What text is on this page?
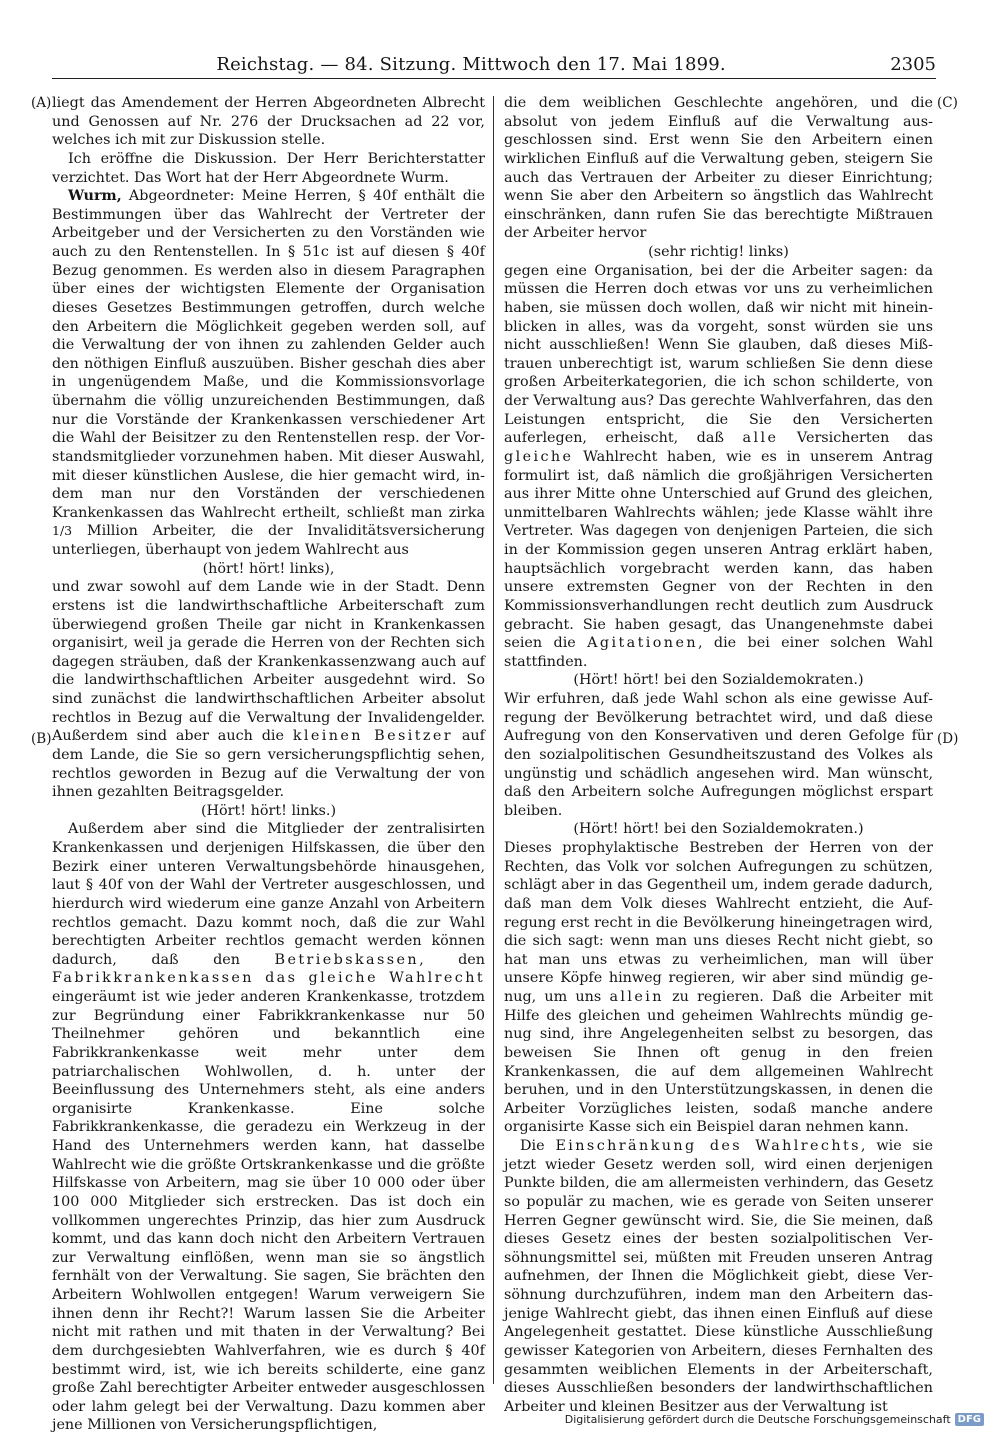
Reichstag. — 84. Sitzung. Mittwoch den 17. Mai 1899.	2305
(A)
(B)
(C)
(D)

liegt das Amendement der Herren Abgeordneten Albrecht und Genossen auf Nr. 276 der Drucksachen ad 22 vor, welches ich mit zur Diskussion stelle.

Ich eröffne die Diskussion. Der Herr Berichterstatter verzichtet. Das Wort hat der Herr Abgeordnete Wurm.

Wurm, Abgeordneter: Meine Herren, § 40f enthält die Bestimmungen über das Wahlrecht der Vertreter der Arbeitgeber und der Versicherten zu den Vorständen wie auch zu den Rentenstellen. In § 51c ist auf diesen § 40f Bezug genommen. Es werden also in diesem Paragraphen über eines der wichtigsten Elemente der Organisation dieses Gesetzes Bestimmungen getroffen, durch welche den Arbeitern die Möglichkeit gegeben werden soll, auf die Verwaltung der von ihnen zu zahlenden Gelder auch den nöthigen Einfluß auszuüben. Bisher geschah dies aber in ungenügendem Maße, und die Kommissionsvorlage übernahm die völlig unzureichenden Bestimmungen, daß nur die Vorstände der Krankenkassen verschiedener Art die Wahl der Beisitzer zu den Rentenstellen resp. der Vorstandsmitglieder vorzunehmen haben. Mit dieser Auswahl, mit dieser künstlichen Auslese, die hier gemacht wird, indem man nur den Vorständen der verschiedenen Krankenkassen das Wahlrecht ertheilt, schließt man zirka 1/3 Million Arbeiter, die der Invaliditätsversicherung unterliegen, überhaupt von jedem Wahlrecht aus

(hört! hört! links),

und zwar sowohl auf dem Lande wie in der Stadt. Denn erstens ist die landwirthschaftliche Arbeiterschaft zum überwiegend großen Theile gar nicht in Krankenkassen organisirt, weil ja gerade die Herren von der Rechten sich dagegen sträuben, daß der Krankenkassenzwang auch auf die landwirthschaftlichen Arbeiter ausgedehnt wird. So sind zunächst die landwirthschaftlichen Arbeiter absolut rechtlos in Bezug auf die Verwaltung der Invalidengelder. Außerdem sind aber auch die kleinen Besitzer auf dem Lande, die Sie so gern versicherungspflichtig sehen, rechtlos geworden in Bezug auf die Verwaltung der von ihnen gezahlten Beitragsgelder.

(Hört! hört! links.)

Außerdem aber sind die Mitglieder der zentralisirten Krankenkassen und derjenigen Hilfskassen, die über den Bezirk einer unteren Verwaltungsbehörde hinausgehen, laut § 40f von der Wahl der Vertreter ausgeschlossen, und hierdurch wird wiederum eine ganze Anzahl von Arbeitern rechtlos gemacht. Dazu kommt noch, daß die zur Wahl berechtigten Arbeiter rechtlos gemacht werden können dadurch, daß den Betriebskassen, den Fabrikkrankenkassen das gleiche Wahlrecht eingeräumt ist wie jeder anderen Krankenkasse, trotzdem zur Begründung einer Fabrikkrankenkasse nur 50 Theilnehmer gehören und bekanntlich eine Fabrikkrankenkasse weit mehr unter dem patriarchalischen Wohlwollen, d. h. unter der Beeinflussung des Unternehmers steht, als eine anders organisirte Krankenkasse. Eine solche Fabrikkrankenkasse, die geradezu ein Werkzeug in der Hand des Unternehmers werden kann, hat dasselbe Wahlrecht wie die größte Ortskrankenkasse und die größte Hilfskasse von Arbeitern, mag sie über 10 000 oder über 100 000 Mitglieder sich erstrecken. Das ist doch ein vollkommen ungerechtes Prinzip, das hier zum Ausdruck kommt, und das kann doch nicht den Arbeitern Vertrauen zur Verwaltung einflößen, wenn man sie so ängstlich fernhält von der Verwaltung. Sie sagen, Sie brächten den Arbeitern Wohlwollen entgegen! Warum verweigern Sie ihnen denn ihr Recht?! Warum lassen Sie die Arbeiter nicht mit rathen und mit thaten in der Verwaltung? Bei dem durchgesiebten Wahlverfahren, wie es durch § 40f bestimmt wird, ist, wie ich bereits schilderte, eine ganz große Zahl berechtigter Arbeiter entweder ausgeschlossen oder lahm gelegt bei der Verwaltung. Dazu kommen aber jene Millionen von Versicherungspflichtigen,

die dem weiblichen Geschlechte angehören, und die absolut von jedem Einfluß auf die Verwaltung ausgeschlossen sind. Erst wenn Sie den Arbeitern einen wirklichen Einfluß auf die Verwaltung geben, steigern Sie auch das Vertrauen der Arbeiter zu dieser Einrichtung; wenn Sie aber den Arbeitern so ängstlich das Wahlrecht einschränken, dann rufen Sie das berechtigte Mißtrauen der Arbeiter hervor

(sehr richtig! links)

gegen eine Organisation, bei der die Arbeiter sagen: da müssen die Herren doch etwas vor uns zu verheimlichen haben, sie müssen doch wollen, daß wir nicht mit hineinblicken in alles, was da vorgeht, sonst würden sie uns nicht ausschließen! Wenn Sie glauben, daß dieses Mißtrauen unberechtigt ist, warum schließen Sie denn diese großen Arbeiterkategorien, die ich schon schilderte, von der Verwaltung aus? Das gerechte Wahlverfahren, das den Leistungen entspricht, die Sie den Versicherten auferlegen, erheischt, daß alle Versicherten das gleiche Wahlrecht haben, wie es in unserem Antrag formulirt ist, daß nämlich die großjährigen Versicherten aus ihrer Mitte ohne Unterschied auf Grund des gleichen, unmittelbaren Wahlrechts wählen; jede Klasse wählt ihre Vertreter. Was dagegen von denjenigen Parteien, die sich in der Kommission gegen unseren Antrag erklärt haben, hauptsächlich vorgebracht werden kann, das haben unsere extremsten Gegner von der Rechten in den Kommissionsverhandlungen recht deutlich zum Ausdruck gebracht. Sie haben gesagt, das Unangenehmste dabei seien die Agitationen, die bei einer solchen Wahl stattfinden.

(Hört! hört! bei den Sozialdemokraten.)

Wir erfuhren, daß jede Wahl schon als eine gewisse Aufregung der Bevölkerung betrachtet wird, und daß diese Aufregung von den Konservativen und deren Gefolge für den sozialpolitischen Gesundheitszustand des Volkes als ungünstig und schädlich angesehen wird. Man wünscht, daß den Arbeitern solche Aufregungen möglichst erspart bleiben.

(Hört! hört! bei den Sozialdemokraten.)

Dieses prophylaktische Bestreben der Herren von der Rechten, das Volk vor solchen Aufregungen zu schützen, schlägt aber in das Gegentheil um, indem gerade dadurch, daß man dem Volk dieses Wahlrecht entzieht, die Aufregung erst recht in die Bevölkerung hineingetragen wird, die sich sagt: wenn man uns dieses Recht nicht giebt, so hat man uns etwas zu verheimlichen, man will über unsere Köpfe hinweg regieren, wir aber sind mündig genug, um uns allein zu regieren. Daß die Arbeiter mit Hilfe des gleichen und geheimen Wahlrechts mündig genug sind, ihre Angelegenheiten selbst zu besorgen, das beweisen Sie Ihnen oft genug in den freien Krankenkassen, die auf dem allgemeinen Wahlrecht beruhen, und in den Unterstützungskassen, in denen die Arbeiter Vorzügliches leisten, sodaß manche andere organisirte Kasse sich ein Beispiel daran nehmen kann.

Die Einschränkung des Wahlrechts, wie sie jetzt wieder Gesetz werden soll, wird einen derjenigen Punkte bilden, die am allermeisten verhindern, das Gesetz so populär zu machen, wie es gerade von Seiten unserer Herren Gegner gewünscht wird. Sie, die Sie meinen, daß dieses Gesetz eines der besten sozialpolitischen Versöhnungsmittel sei, müßten mit Freuden unseren Antrag aufnehmen, der Ihnen die Möglichkeit giebt, diese Versöhnung durchzuführen, indem man den Arbeitern dasjenige Wahlrecht giebt, das ihnen einen Einfluß auf diese Angelegenheit gestattet. Diese künstliche Ausschließung gewisser Kategorien von Arbeitern, dieses Fernhalten des gesammten weiblichen Elements in der Arbeiterschaft, dieses Ausschließen besonders der landwirthschaftlichen Arbeiter und kleinen Besitzer aus der Verwaltung ist

Digitalisierung gefördert durch die Deutsche Forschungsgemeinschaft DFG
